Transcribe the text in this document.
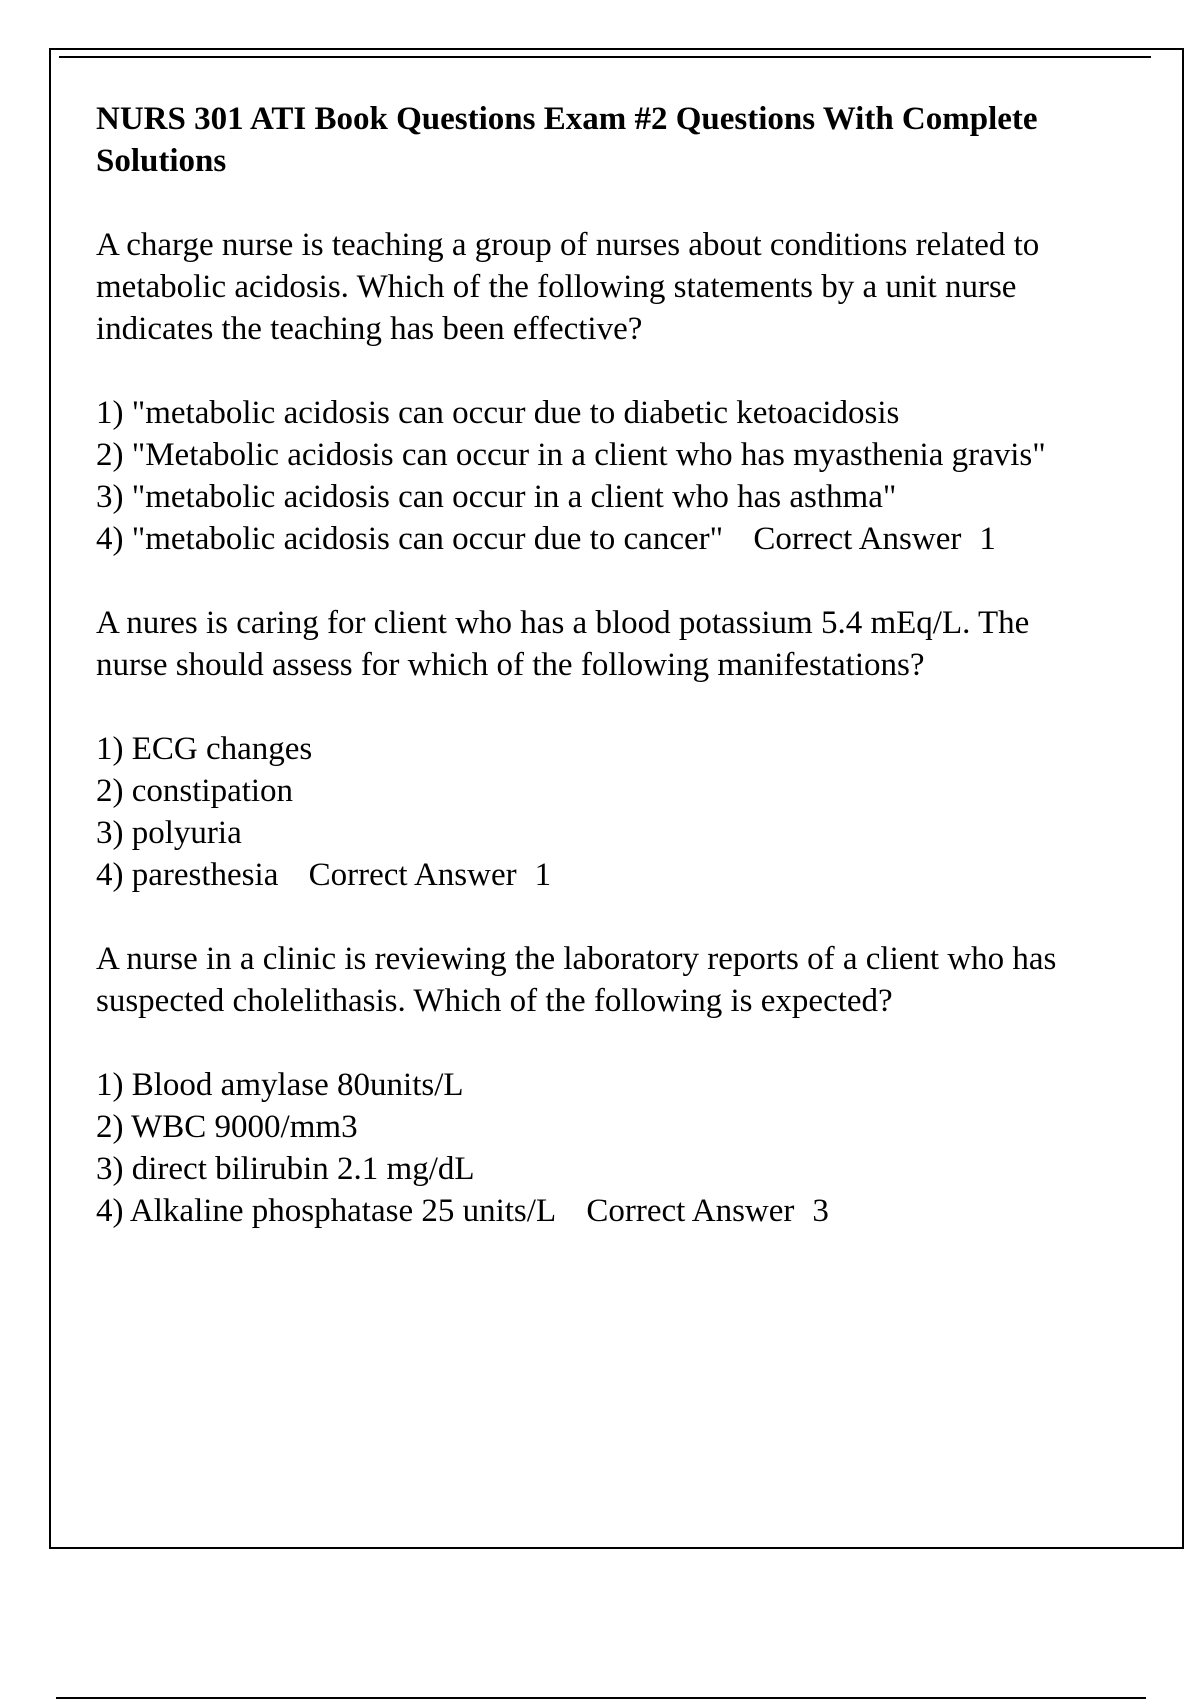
NURS 301 ATI Book Questions Exam #2 Questions With Complete Solutions

A charge nurse is teaching a group of nurses about conditions related to metabolic acidosis. Which of the following statements by a unit nurse indicates the teaching has been effective?

1) "metabolic acidosis can occur due to diabetic ketoacidosis
2) "Metabolic acidosis can occur in a client who has myasthenia gravis"
3) "metabolic acidosis can occur in a client who has asthma"
4) "metabolic acidosis can occur due to cancer" Correct Answer 1

A nures is caring for client who has a blood potassium 5.4 mEq/L. The nurse should assess for which of the following manifestations?

1) ECG changes
2) constipation
3) polyuria
4) paresthesia Correct Answer 1

A nurse in a clinic is reviewing the laboratory reports of a client who has suspected cholelithasis. Which of the following is expected?

1) Blood amylase 80units/L
2) WBC 9000/mm3
3) direct bilirubin 2.1 mg/dL
4) Alkaline phosphatase 25 units/L Correct Answer 3
